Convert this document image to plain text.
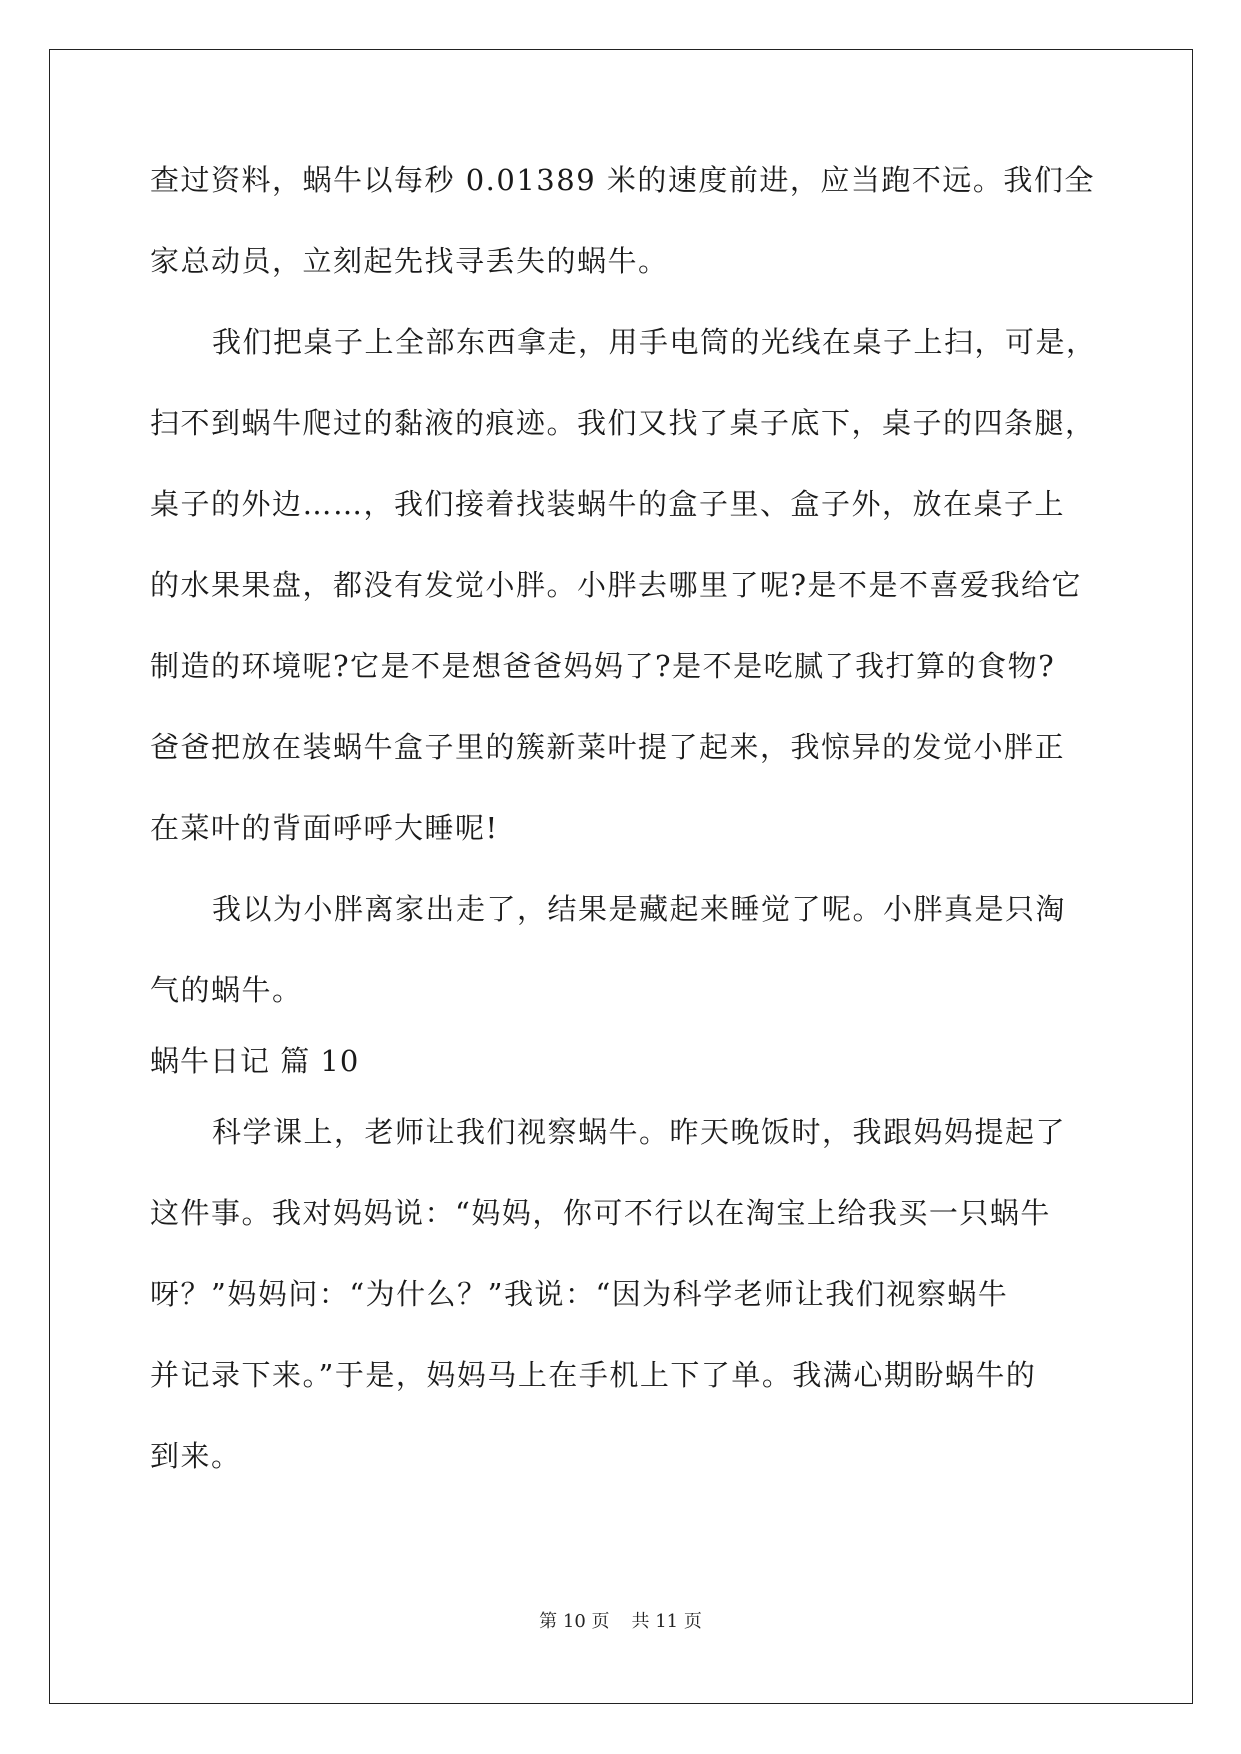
查过资料，蜗牛以每秒 0.01389 米的速度前进，应当跑不远。我们全

家总动员，立刻起先找寻丢失的蜗牛。

我们把桌子上全部东西拿走，用手电筒的光线在桌子上扫，可是，

扫不到蜗牛爬过的黏液的痕迹。我们又找了桌子底下，桌子的四条腿，

桌子的外边……，我们接着找装蜗牛的盒子里、盒子外，放在桌子上

的水果果盘，都没有发觉小胖。小胖去哪里了呢?是不是不喜爱我给它

制造的环境呢?它是不是想爸爸妈妈了?是不是吃腻了我打算的食物?

爸爸把放在装蜗牛盒子里的簇新菜叶提了起来，我惊异的发觉小胖正

在菜叶的背面呼呼大睡呢!

我以为小胖离家出走了，结果是藏起来睡觉了呢。小胖真是只淘

气的蜗牛。

蜗牛日记 篇 10

科学课上，老师让我们视察蜗牛。昨天晚饭时，我跟妈妈提起了

这件事。我对妈妈说：“妈妈，你可不行以在淘宝上给我买一只蜗牛

呀？”妈妈问：“为什么？”我说：“因为科学老师让我们视察蜗牛

并记录下来。”于是，妈妈马上在手机上下了单。我满心期盼蜗牛的

到来。

第 10 页 共 11 页
